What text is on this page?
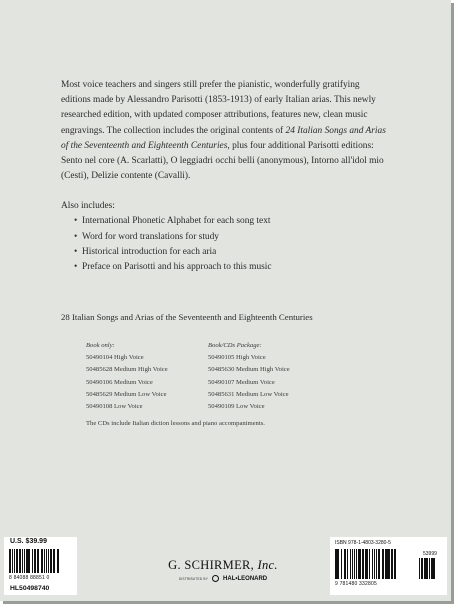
Most voice teachers and singers still prefer the pianistic, wonderfully gratifying editions made by Alessandro Parisotti (1853-1913) of early Italian arias. This newly researched edition, with updated composer attributions, features new, clean music engravings. The collection includes the original contents of 24 Italian Songs and Arias of the Seventeenth and Eighteenth Centuries, plus four additional Parisotti editions: Sento nel core (A. Scarlatti), O leggiadri occhi belli (anonymous), Intorno all'idol mio (Cesti), Delizie contente (Cavalli).

Also includes:

• International Phonetic Alphabet for each song text
• Word for word translations for study
• Historical introduction for each aria
• Preface on Parisotti and his approach to this music
28 Italian Songs and Arias of the Seventeenth and Eighteenth Centuries
Book only:
50490104 High Voice
50485628 Medium High Voice
50490106 Medium Voice
50485629 Medium Low Voice
50490108 Low Voice
Book/CDs Package:
50490105 High Voice
50485630 Medium High Voice
50490107 Medium Voice
50485631 Medium Low Voice
50490109 Low Voice
The CDs include Italian diction lessons and piano accompaniments.
U.S. $39.99
8 84088 88851 0
HL50498740
ISBN 978-1-4803-3280-5
53999
9 781480 332805
G. SCHIRMER, Inc.
DISTRIBUTED BY	HAL•LEONARD
